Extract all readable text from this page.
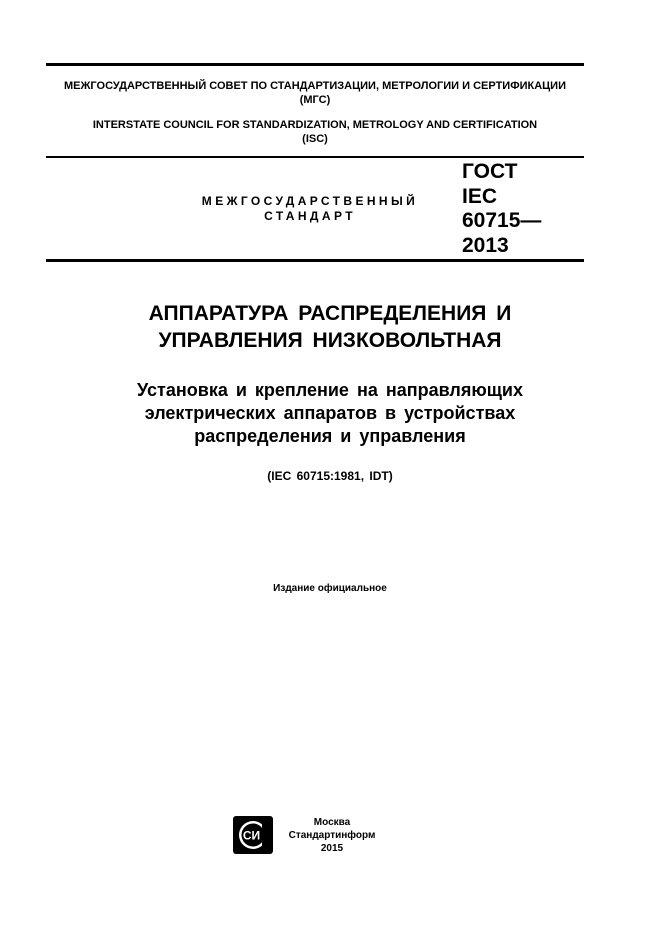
МЕЖГОСУДАРСТВЕННЫЙ СОВЕТ ПО СТАНДАРТИЗАЦИИ, МЕТРОЛОГИИ И СЕРТИФИКАЦИИ
(МГС)
INTERSTATE COUNCIL FOR STANDARDIZATION, METROLOGY AND CERTIFICATION
(ISC)
МЕЖГОСУДАРСТВЕННЫЙ
СТАНДАРТ
ГОСТ
IEC
60715—
2013
АППАРАТУРА РАСПРЕДЕЛЕНИЯ И
УПРАВЛЕНИЯ НИЗКОВОЛЬТНАЯ
Установка и крепление на направляющих
электрических аппаратов в устройствах
распределения и управления
(IEC 60715:1981, IDT)
Издание официальное
СИ
Москва
Стандартинформ
2015
